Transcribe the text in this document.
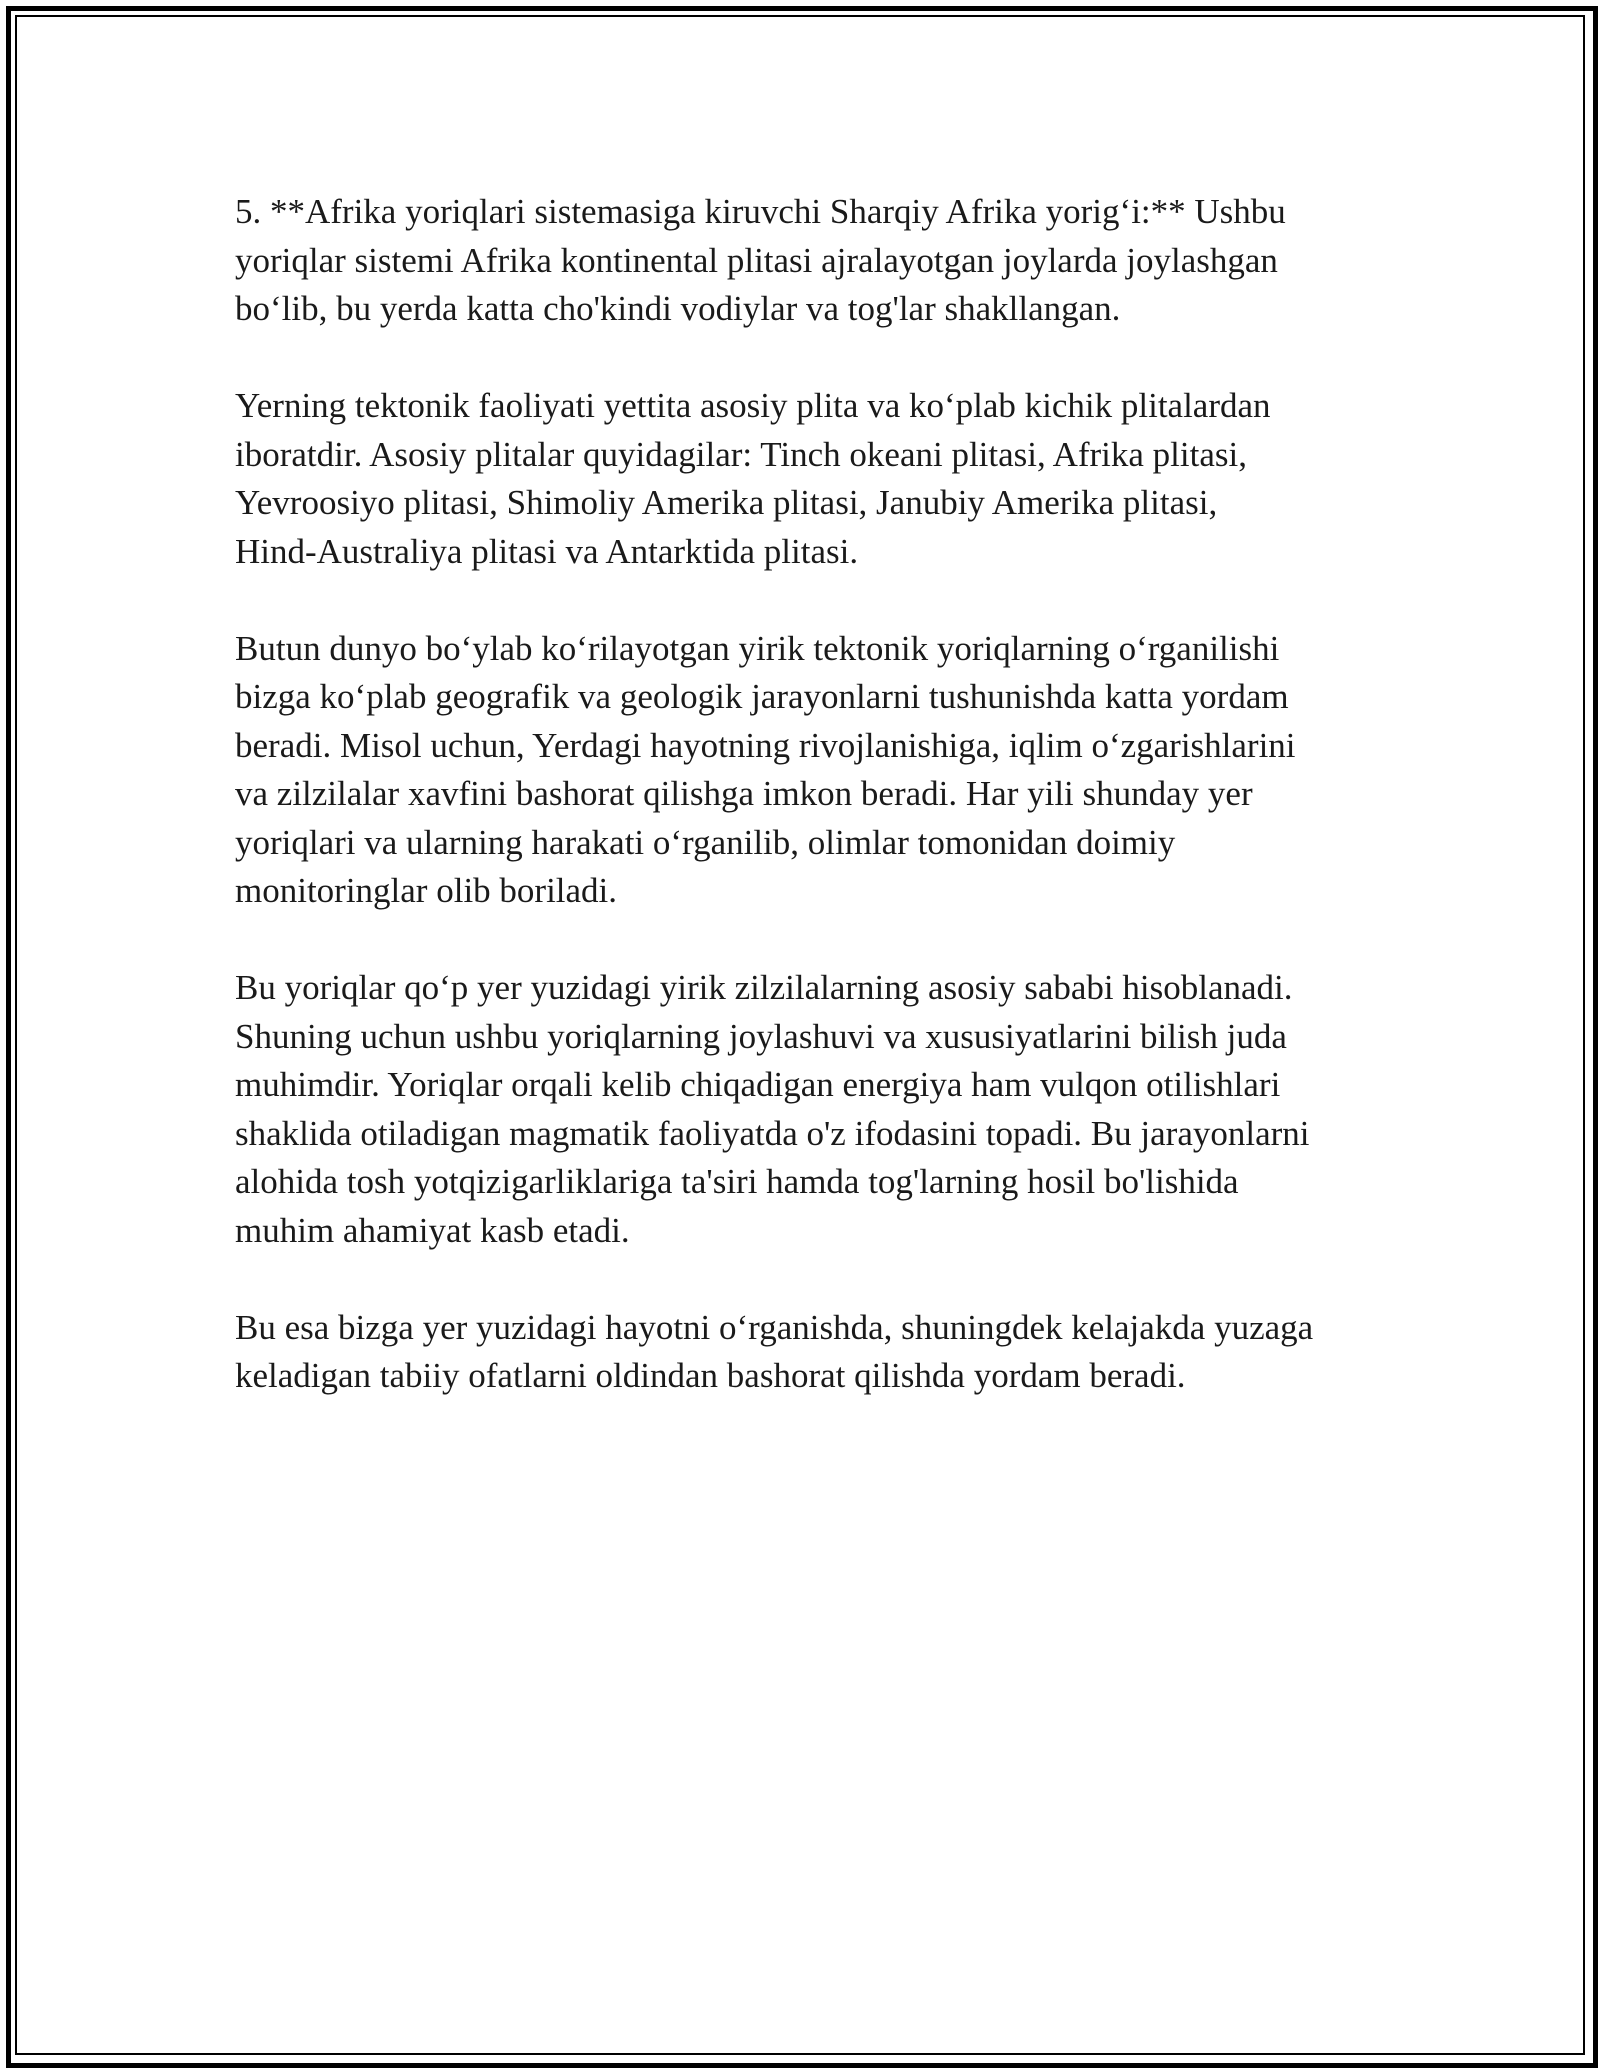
5. **Afrika yoriqlari sistemasiga kiruvchi Sharqiy Afrika yorig‘i:** Ushbu
yoriqlar sistemi Afrika kontinental plitasi ajralayotgan joylarda joylashgan
bo‘lib, bu yerda katta cho'kindi vodiylar va tog'lar shakllangan.

Yerning tektonik faoliyati yettita asosiy plita va ko‘plab kichik plitalardan
iboratdir. Asosiy plitalar quyidagilar: Tinch okeani plitasi, Afrika plitasi,
Yevroosiyo plitasi, Shimoliy Amerika plitasi, Janubiy Amerika plitasi,
Hind-Australiya plitasi va Antarktida plitasi.

Butun dunyo bo‘ylab ko‘rilayotgan yirik tektonik yoriqlarning o‘rganilishi
bizga ko‘plab geografik va geologik jarayonlarni tushunishda katta yordam
beradi. Misol uchun, Yerdagi hayotning rivojlanishiga, iqlim o‘zgarishlarini
va zilzilalar xavfini bashorat qilishga imkon beradi. Har yili shunday yer
yoriqlari va ularning harakati o‘rganilib, olimlar tomonidan doimiy
monitoringlar olib boriladi.

Bu yoriqlar qo‘p yer yuzidagi yirik zilzilalarning asosiy sababi hisoblanadi.
Shuning uchun ushbu yoriqlarning joylashuvi va xususiyatlarini bilish juda
muhimdir. Yoriqlar orqali kelib chiqadigan energiya ham vulqon otilishlari
shaklida otiladigan magmatik faoliyatda o'z ifodasini topadi. Bu jarayonlarni
alohida tosh yotqizigarliklariga ta'siri hamda tog'larning hosil bo'lishida
muhim ahamiyat kasb etadi.

Bu esa bizga yer yuzidagi hayotni o‘rganishda, shuningdek kelajakda yuzaga
keladigan tabiiy ofatlarni oldindan bashorat qilishda yordam beradi.
